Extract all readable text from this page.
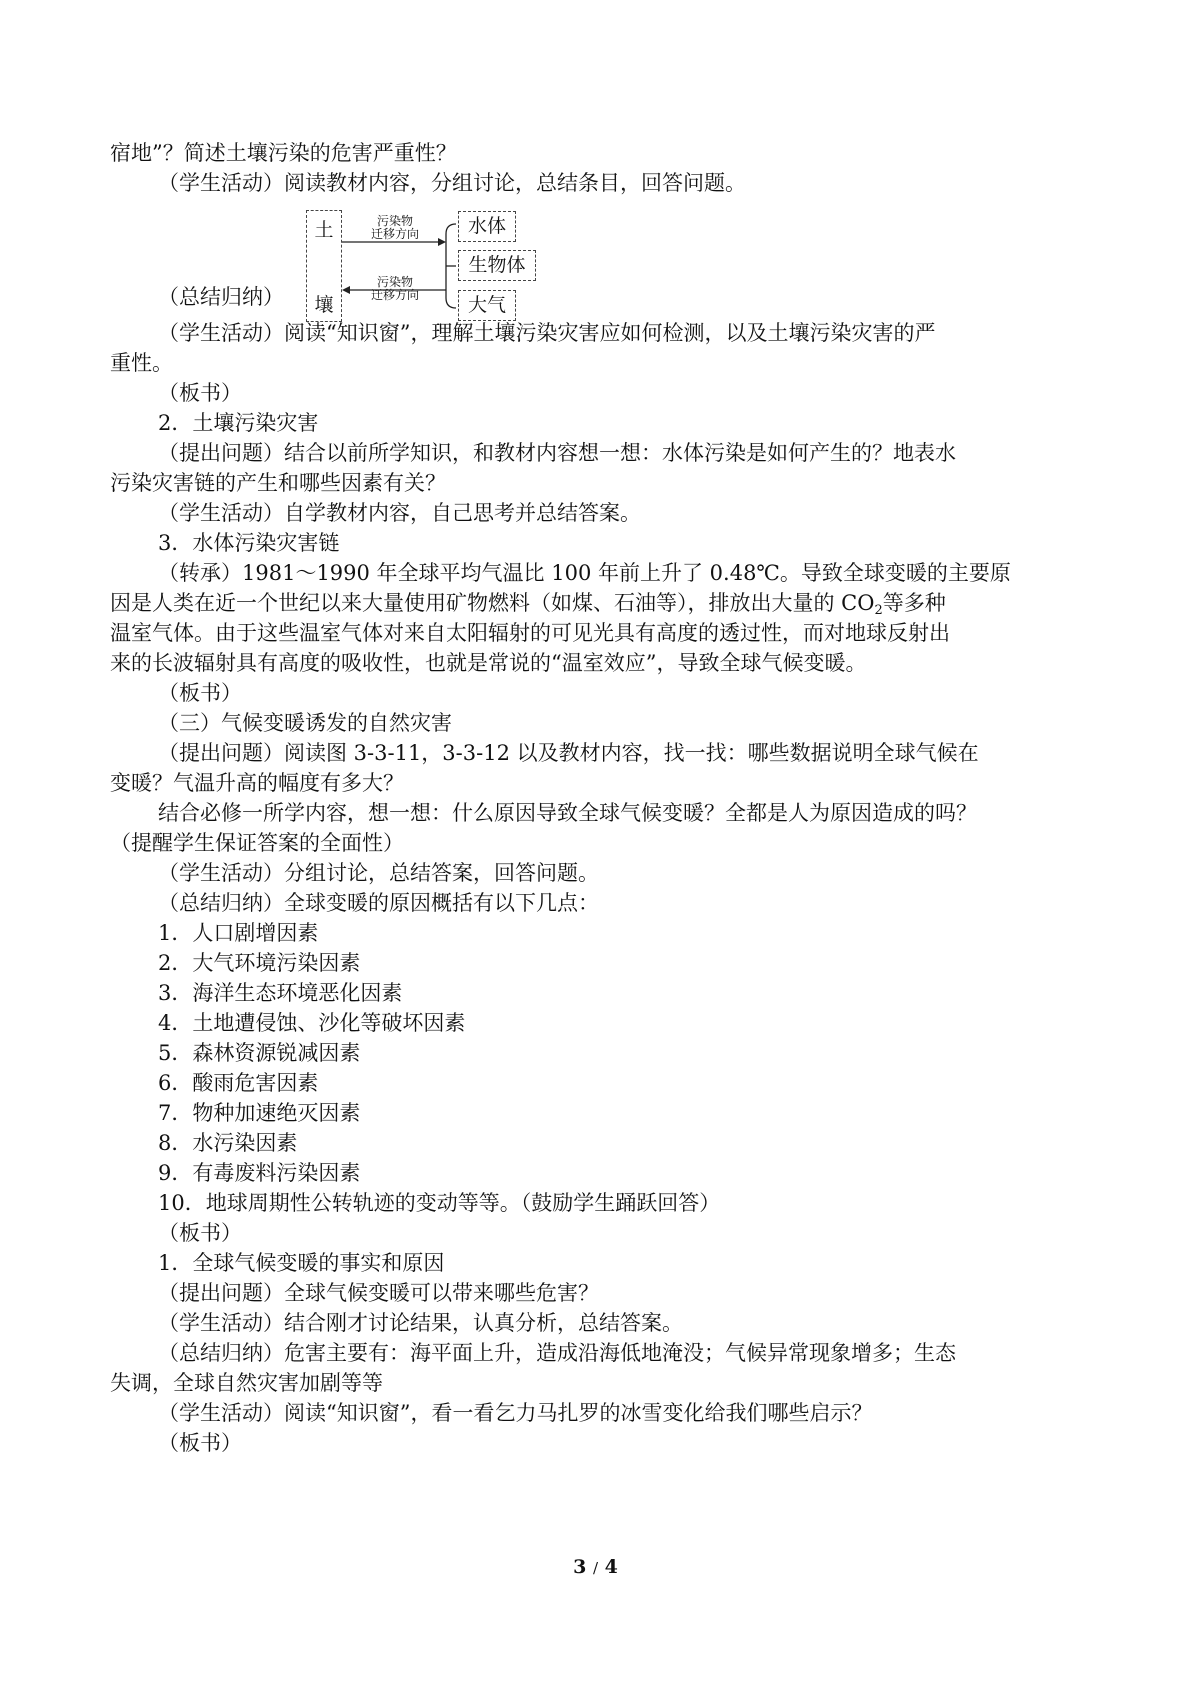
宿地”？简述土壤污染的危害严重性？
（学生活动）阅读教材内容，分组讨论，总结条目，回答问题。
土
壤
污染物
迁移方向
污染物
迁移方向
水体
生物体
大气
（总结归纳）
（学生活动）阅读“知识窗”，理解土壤污染灾害应如何检测，以及土壤污染灾害的严
重性。
（板书）
2．土壤污染灾害
（提出问题）结合以前所学知识，和教材内容想一想：水体污染是如何产生的？地表水
污染灾害链的产生和哪些因素有关？
（学生活动）自学教材内容，自己思考并总结答案。
3．水体污染灾害链
（转承）1981～1990 年全球平均气温比 100 年前上升了 0.48℃。导致全球变暖的主要原
因是人类在近一个世纪以来大量使用矿物燃料（如煤、石油等），排放出大量的 $CO_2$等多种
温室气体。由于这些温室气体对来自太阳辐射的可见光具有高度的透过性，而对地球反射出
来的长波辐射具有高度的吸收性，也就是常说的“温室效应”，导致全球气候变暖。
（板书）
（三）气候变暖诱发的自然灾害
（提出问题）阅读图 3-3-11，3-3-12 以及教材内容，找一找：哪些数据说明全球气候在
变暖？气温升高的幅度有多大？
结合必修一所学内容，想一想：什么原因导致全球气候变暖？全都是人为原因造成的吗？
（提醒学生保证答案的全面性）
（学生活动）分组讨论，总结答案，回答问题。
（总结归纳）全球变暖的原因概括有以下几点：
1．人口剧增因素
2．大气环境污染因素
3．海洋生态环境恶化因素
4．土地遭侵蚀、沙化等破坏因素
5．森林资源锐减因素
6．酸雨危害因素
7．物种加速绝灭因素
8．水污染因素
9．有毒废料污染因素
10．地球周期性公转轨迹的变动等等。（鼓励学生踊跃回答）
（板书）
1．全球气候变暖的事实和原因
（提出问题）全球气候变暖可以带来哪些危害？
（学生活动）结合刚才讨论结果，认真分析，总结答案。
（总结归纳）危害主要有：海平面上升，造成沿海低地淹没；气候异常现象增多；生态
失调，全球自然灾害加剧等等
（学生活动）阅读“知识窗”，看一看乞力马扎罗的冰雪变化给我们哪些启示？
（板书）
3 / 4
